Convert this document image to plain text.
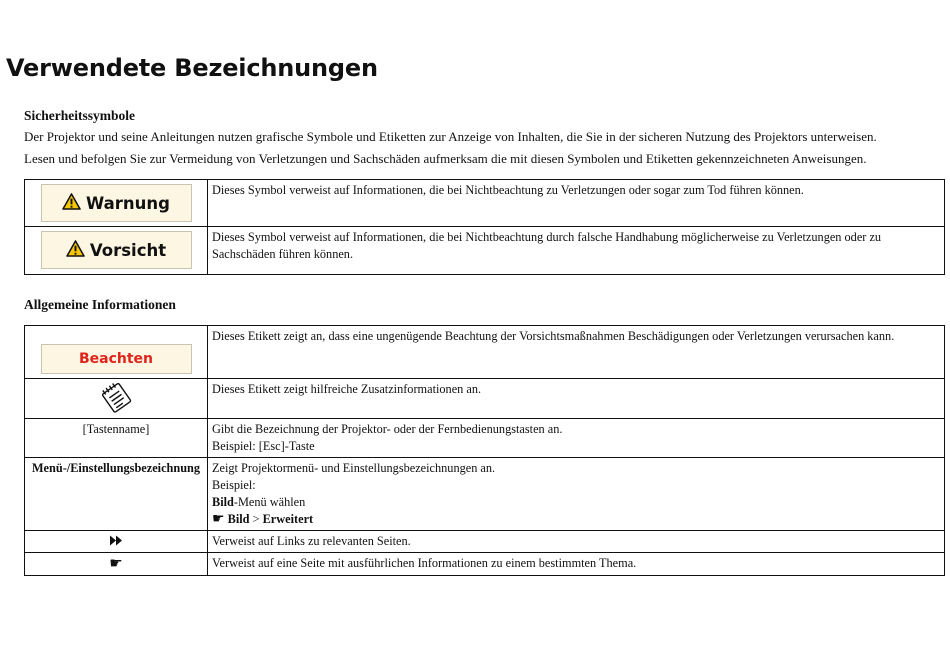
Verwendete Bezeichnungen
Sicherheitssymbole

Der Projektor und seine Anleitungen nutzen grafische Symbole und Etiketten zur Anzeige von Inhalten, die Sie in der sicheren Nutzung des Projektors unterweisen.

Lesen und befolgen Sie zur Vermeidung von Verletzungen und Sachschäden aufmerksam die mit diesen Symbolen und Etiketten gekennzeichneten Anweisungen.

Warnung	Dieses Symbol verweist auf Informationen, die bei Nichtbeachtung zu Verletzungen oder sogar zum Tod führen können.

Vorsicht	Dieses Symbol verweist auf Informationen, die bei Nichtbeachtung durch falsche Handhabung möglicherweise zu Verletzungen oder zu Sachschäden führen können.
Allgemeine Informationen
Beachten	Dieses Etikett zeigt an, dass eine ungenügende Beachtung der Vorsichtsmaßnahmen Beschädigungen oder Verletzungen verursachen kann.
	Dieses Etikett zeigt hilfreiche Zusatzinformationen an.
[Tastenname]	Gibt die Bezeichnung der Projektor- oder der Fernbedienungstasten an.
Beispiel: [Esc]-Taste

Menü-/Einstellungsbezeichnung	Zeigt Projektormenü- und Einstellungsbezeichnungen an.
Beispiel:
Bild-Menü wählen
☛ Bild > Erweitert

	Verweist auf Links zu relevanten Seiten.
☛	Verweist auf eine Seite mit ausführlichen Informationen zu einem bestimmten Thema.
